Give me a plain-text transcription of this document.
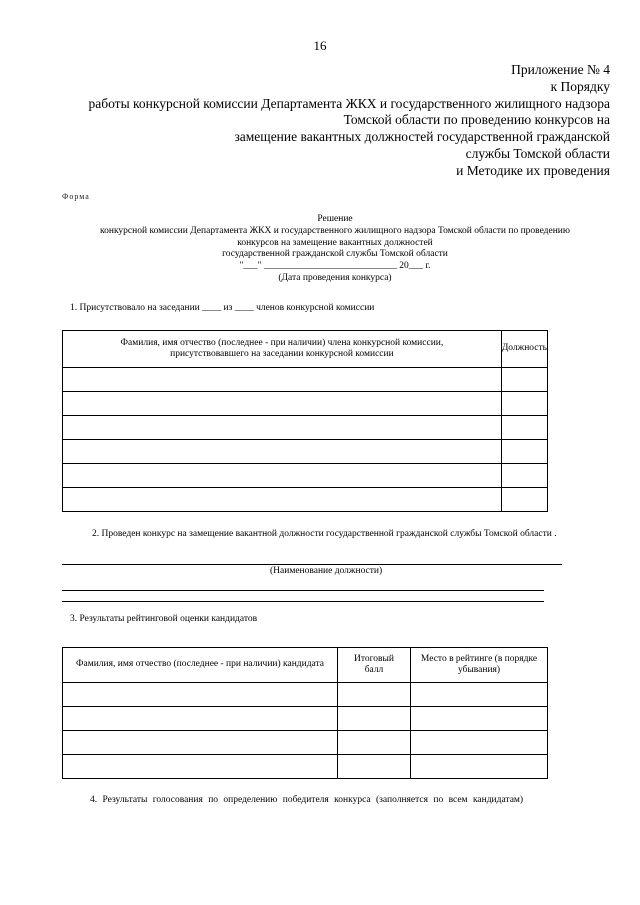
16
Приложение № 4
к Порядку
работы конкурсной комиссии Департамента ЖКХ и государственного жилищного надзора
Томской области по проведению конкурсов на
замещение вакантных должностей государственной гражданской
службы Томской области
и Методике их проведения
Форма
Решение
конкурсной комиссии Департамента ЖКХ и государственного жилищного надзора Томской области по проведению
конкурсов на замещение вакантных должностей
государственной гражданской службы Томской области
"___" ____________________________ 20___ г.
(Дата проведения конкурса)
1. Присутствовало на заседании ____ из ____ членов конкурсной комиссии
Фамилия, имя отчество (последнее - при наличии) члена конкурсной комиссии, присутствовавшего на заседании конкурсной комиссии	Должность

2. Проведен конкурс на замещение вакантной должности государственной гражданской службы Томской области .
(Наименование должности)
3. Результаты рейтинговой оценки кандидатов
Фамилия, имя отчество (последнее - при наличии) кандидата	Итоговый балл	Место в рейтинге (в порядке убывания)

4. Результаты голосования по определению победителя конкурса (заполняется по всем кандидатам)
